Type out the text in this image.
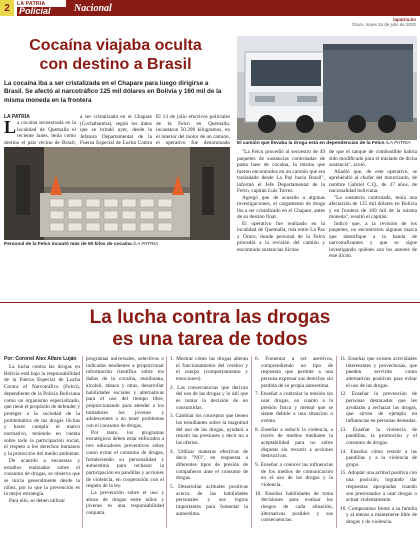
2	LA PATRIA
Policial	Nacional
lapatria.bo
Oruro, lunes 16 de julio de 2020
Cocaína viajaba oculta
con destino a Brasil
La cocaína iba a ser cristalizada en el Chapare para luego dirigirse a Brasil. Se afectó al narcotráfico 125 mil dólares en Bolivia y 160 mil de la misma moneda en la frontera

LA PATRIA

La cocaína secuestrada en la localidad de Quemalla el reciente lunes, tenía como destino el país vecino de Brasil,

a ser cristalizada en el Chapare (Cochabamba), según los datos que se brindó ayer, desde la Jefatura Departamental de la Fuerza Especial de Lucha Contra

El 13 de julio efectivos policiales de la Felcn en Quemalla, incautaron 50.390 kilogramos, en el interior del motor de un camión, el operativo fue denominado

Personal de la Felcn incautó más de 50 kilos de cocaína /LA PATRIA
El camión que llevaba la droga está en dependencias de la Felcn /LA PATRIA

"La Felcn procedió al secuestro de 49 paquetes de sustancias controladas de pasta base de cocaína, la misma que fueron encontrados en un camión que era trasladado desde La Paz hacia Brasil", informó el Jefe Departamental de la Felcn, capitán Luis Torrez.

Agregó que de acuerdo a algunas investigaciones, el cargamento de droga iba a ser cristalizado en el Chapare, antes de su destino final.

El operativo fue realizado en la localidad de Quemalla, ruta entre La Paz y Oruro, donde personal de la Felcn procedió a la revisión del camión y encontrado sustancias ilícitas

de que el tanque de combustible habría sido modificado para el traslado de dicha sustancia", acotó.

Añadió que, de este operativo, se aprehendió al chofer del motorizado, de nombre Gabriel C.Q., de 37 años, de nacionalidad boliviana.

"La sustancia controlada, tenía una afectación de 125 mil dólares en Bolivia y en frontera de 160 mil de la misma moneda", resaltó el capitán.

Indicó que, a la revisión de los paquetes, no encontraron algunas marca que identifique a la banda de narcotraficantes y que se sigue investigando quiénes son los autores de este ilícito.

La lucha contra las drogas
es una tarea de todos

Por: Coronel Alex Alfaro Luján

La lucha contra las drogas en Bolivia está bajo la responsabilidad de la Fuerza Especial de Lucha Contra el Narcotráfico (Felcn), dependiente de la Policía Boliviana como un organismo especializado, que tiene el propósito de defender y proteger a la sociedad de la problemática de las drogas ilícitas y hacer cumplir el marco normativo, teniendo en cuenta sobre todo la participación social, el respeto a los derechos humanos y la protección del medio ambiente.

De acuerdo a encuestas y estudios realizados sobre el consumo de drogas, se observa que se inicia generalmente desde la niñez, por lo que la prevención es la mejor estrategia.

Para ello, se deben utilizar

programas universales, selectivos o indicados tendientes a proporcionar información científica sobre los daños de la cocaína, marihuana, alcohol, tabaco y otras, desarrollar habilidades sociales y alternativas para el uso del tiempo libre, proporcionando para atender a los tomadores los jóvenes y adolescentes a no tener problemas con el consumo de drogas.

Por tanto, los programas estratégicos deben estar enfocados a tres educadores preventivos sobre como evitar el consumo de drogas, fortaleciendo su personalidad y autoestima para rechazar la participación en pandillas y acciones de violencia, en cooperación con el respeto de la ley.

La prevención sobre el uso y abuso de drogas entre niños y jóvenes es una responsabilidad conjunta.

1. Mostrar cómo las drogas alteran el funcionamiento del cerebro y el cuerpo (comportamiento y emociones).
2. Las consecuencias que derivan del uso de las drogas y lo útil que es tomar la decisión de no consumirlas.
3. Cambiar los conceptos que tienen los estudiantes sobre la magnitud del uso de las drogas, ayudará a resistir las presiones y decir no a las ofertas.
4. Utilizar maneras efectivas de decir "NO", en respuesta a diferentes tipos de presión de compañeros ante el consumo de drogas.
5. Desarrollar actitudes positivas acerca de las habilidades personales y sus logros importantes para fomentar la autoestima.
6. Fomentar a ser asertivos, comprendiendo un tipo de respuesta que permite a una persona expresar sus derechos sin perdida de su propia autoestima.
7. Enseñar a controlar la tensión sin usar drogas, en cuanto a la presión física y mental que se siente debido a una situación o evento.
8. Enseñar a reducir la violencia, a través de medios mediante la aceptabilidad para no sobre disputas sin recurrir a acciones destructivas.
9. Enseñar a conocer las influencias de los medios de comunicación en el uso de las drogas y la violencia.
10. Enseñar habilidades de toma decisiones para evaluar los riesgos de cada situación, alternativas posibles y sus consecuencias.
11. Enseñar que existen actividades interesantes y provechosas, que pueden servirles como alternativas positivas para evitar el uso de las drogas.
12. Enseñar la prevención de personas destacadas que les ayudarán a rechazar las drogas, que sirven de ejemplo en influencias en personas deseadas.
13. Enseñar la violencia de pandillas, la promoción y el consumo de drogas.
14. Enseñar cómo resistir a las pandillas y a la violencia de grupo.
15. Adoptar una actitud positiva con una posición, logrando dar respuestas apropiadas cuando son presionados a usar drogas o actuar violentamente.
16. Compromiso frente a su familia y al menos a mantenerse libre de drogas y de violencia.
